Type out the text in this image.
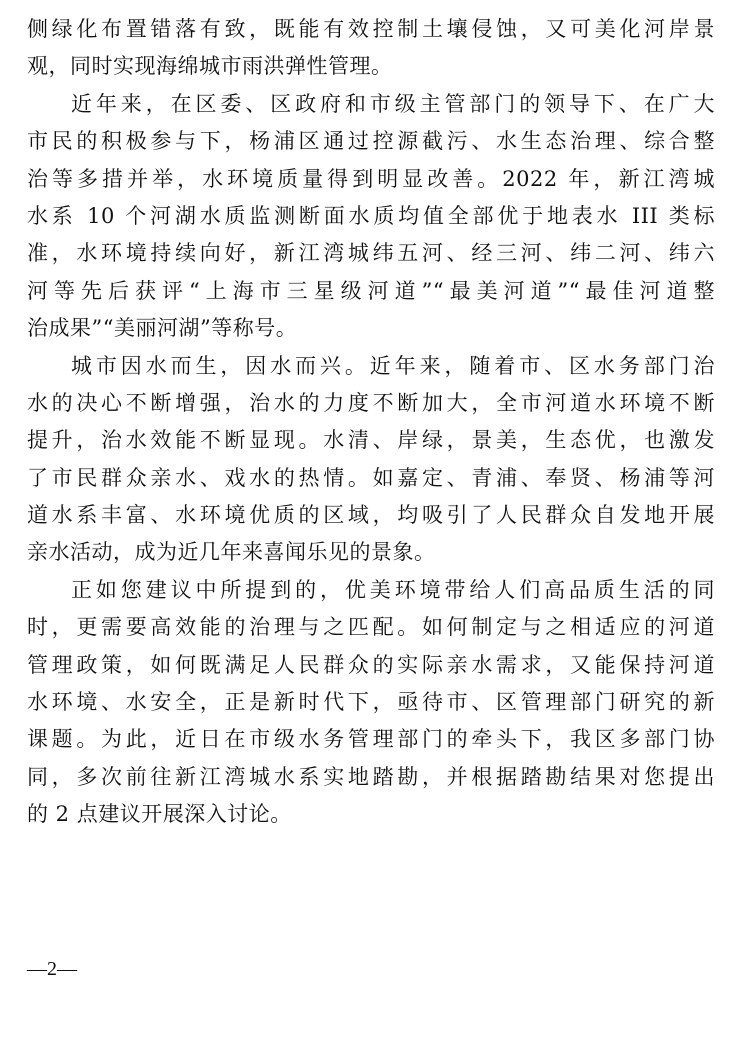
侧绿化布置错落有致，既能有效控制土壤侵蚀，又可美化河岸景
观，同时实现海绵城市雨洪弹性管理。
近年来，在区委、区政府和市级主管部门的领导下、在广大
市民的积极参与下，杨浦区通过控源截污、水生态治理、综合整
治等多措并举，水环境质量得到明显改善。2022 年，新江湾城
水系 10 个河湖水质监测断面水质均值全部优于地表水 III 类标
准，水环境持续向好，新江湾城纬五河、经三河、纬二河、纬六
河等先后获评“上海市三星级河道”“最美河道”“最佳河道整
治成果”“美丽河湖”等称号。
城市因水而生，因水而兴。近年来，随着市、区水务部门治
水的决心不断增强，治水的力度不断加大，全市河道水环境不断
提升，治水效能不断显现。水清、岸绿，景美，生态优，也激发
了市民群众亲水、戏水的热情。如嘉定、青浦、奉贤、杨浦等河
道水系丰富、水环境优质的区域，均吸引了人民群众自发地开展
亲水活动，成为近几年来喜闻乐见的景象。
正如您建议中所提到的，优美环境带给人们高品质生活的同
时，更需要高效能的治理与之匹配。如何制定与之相适应的河道
管理政策，如何既满足人民群众的实际亲水需求，又能保持河道
水环境、水安全，正是新时代下，亟待市、区管理部门研究的新
课题。为此，近日在市级水务管理部门的牵头下，我区多部门协
同，多次前往新江湾城水系实地踏勘，并根据踏勘结果对您提出
的 2 点建议开展深入讨论。
—2—
